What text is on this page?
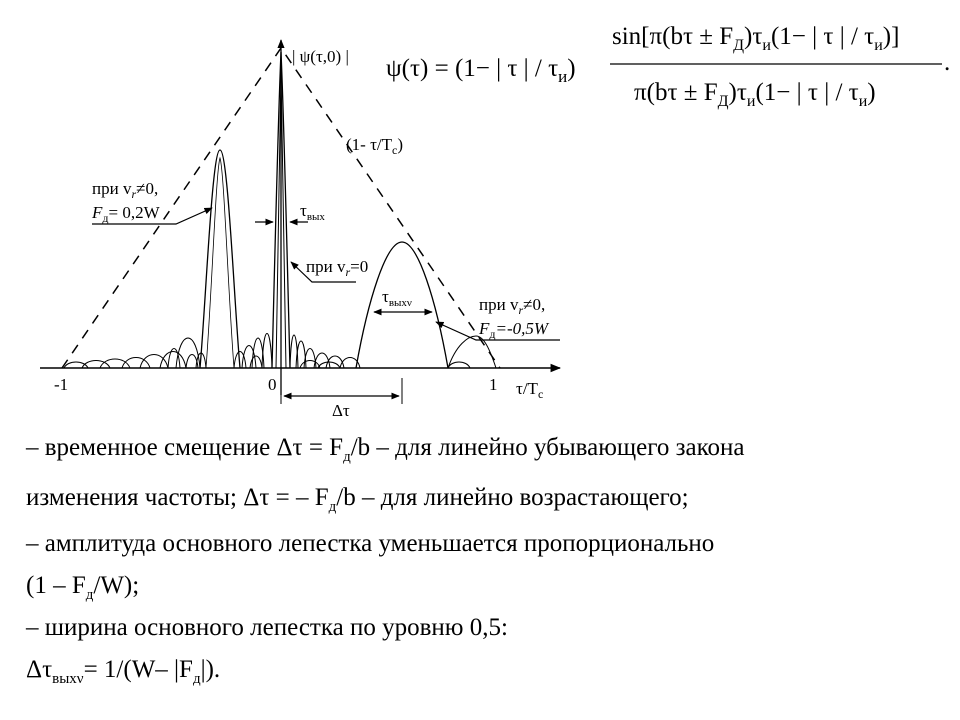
| ψ(τ,0) |
$\tau/T_с$
-1	0	1
(1- $\tau/T_с$)
при $v_r\ne 0$,
$F_д= 0,2W$	$\tau_{вых}$
при $v_r=0$
$\tau_{вых\nu}$	при $v_r\ne 0$,
$F_д=-0,5W$
Δτ
ψ(τ) = (1− | τ | / $\tau_и$)
$\sin[\pi(b\tau \pm F_Д)\tau_и(1-$ | τ | / $\tau_и$)]
$\pi(b\tau \pm F_Д)\tau_и(1-$ | τ | / $\tau_и$)
.

– временное смещение $\Delta\tau = F_д/b$ – для линейно убывающего закона

изменения частоты; Δτ = – $F_д/b$ – для линейно возрастающего;

– амплитуда основного лепестка уменьшается пропорционально

$(1 - F_д/W)$;

– ширина основного лепестка по уровню 0,5:

$\Delta\tau_{вых\nu}= 1/(W-$ $|F_д|$).
